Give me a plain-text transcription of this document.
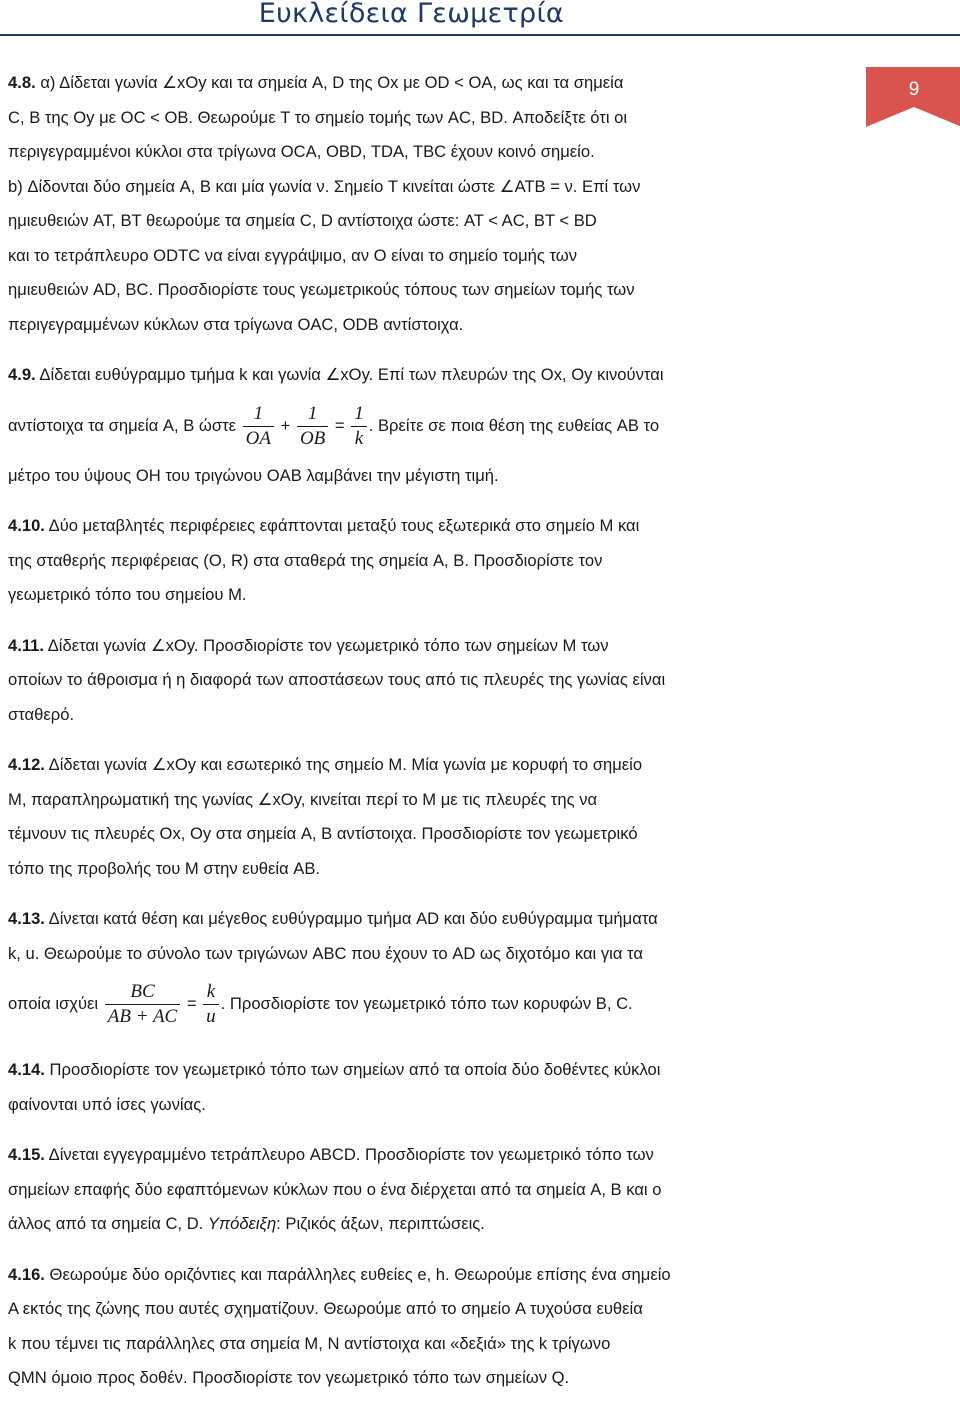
Ευκλείδεια Γεωμετρία
9
4.8. α) Δίδεται γωνία ∠xOy και τα σημεία A, D της Ox με OD < OA, ως και τα σημεία
C, B της Oy με OC < OB. Θεωρούμε T το σημείο τομής των AC, BD. Αποδείξτε ότι οι
περιγεγραμμένοι κύκλοι στα τρίγωνα OCA, OBD, TDA, TBC έχουν κοινό σημείο.
b) Δίδονται δύο σημεία A, B και μία γωνία ν. Σημείο T κινείται ώστε ∠ATB = ν. Επί των
ημιευθειών AT, BT θεωρούμε τα σημεία C, D αντίστοιχα ώστε: AT < AC, BT < BD
και το τετράπλευρο ODTC να είναι εγγράψιμο, αν O είναι το σημείο τομής των
ημιευθειών AD, BC. Προσδιορίστε τους γεωμετρικούς τόπους των σημείων τομής των
περιγεγραμμένων κύκλων στα τρίγωνα OAC, ODB αντίστοιχα.
4.9. Δίδεται ευθύγραμμο τμήμα k και γωνία ∠xOy. Επί των πλευρών της Ox, Oy κινούνται
αντίστοιχα τα σημεία A, B ώστε $\frac{1}{OA} + \frac{1}{OB} = \frac{1}{k}$ . Βρείτε σε ποια θέση της ευθείας AB το
μέτρο του ύψους OH του τριγώνου OAB λαμβάνει την μέγιστη τιμή.
4.10. Δύο μεταβλητές περιφέρειες εφάπτονται μεταξύ τους εξωτερικά στο σημείο M και
της σταθερής περιφέρειας (O, R) στα σταθερά της σημεία A, B. Προσδιορίστε τον
γεωμετρικό τόπο του σημείου M.
4.11. Δίδεται γωνία ∠xOy. Προσδιορίστε τον γεωμετρικό τόπο των σημείων M των
οποίων το άθροισμα ή η διαφορά των αποστάσεων τους από τις πλευρές της γωνίας είναι
σταθερό.
4.12. Δίδεται γωνία ∠xOy και εσωτερικό της σημείο M. Μία γωνία με κορυφή το σημείο
M, παραπληρωματική της γωνίας ∠xOy, κινείται περί το M με τις πλευρές της να
τέμνουν τις πλευρές Ox, Oy στα σημεία A, B αντίστοιχα. Προσδιορίστε τον γεωμετρικό
τόπο της προβολής του M στην ευθεία AB.
4.13. Δίνεται κατά θέση και μέγεθος ευθύγραμμο τμήμα AD και δύο ευθύγραμμα τμήματα
k, u. Θεωρούμε το σύνολο των τριγώνων ABC που έχουν το AD ως διχοτόμο και για τα
οποία ισχύει $\frac{BC}{AB + AC} = \frac{k}{u}$ . Προσδιορίστε τον γεωμετρικό τόπο των κορυφών B, C.
4.14. Προσδιορίστε τον γεωμετρικό τόπο των σημείων από τα οποία δύο δοθέντες κύκλοι
φαίνονται υπό ίσες γωνίας.
4.15. Δίνεται εγγεγραμμένο τετράπλευρο ABCD. Προσδιορίστε τον γεωμετρικό τόπο των
σημείων επαφής δύο εφαπτόμενων κύκλων που ο ένα διέρχεται από τα σημεία A, B και ο
άλλος από τα σημεία C, D. Υπόδειξη: Ριζικός άξων, περιπτώσεις.
4.16. Θεωρούμε δύο οριζόντιες και παράλληλες ευθείες e, h. Θεωρούμε επίσης ένα σημείο
A εκτός της ζώνης που αυτές σχηματίζουν. Θεωρούμε από το σημείο A τυχούσα ευθεία
k που τέμνει τις παράλληλες στα σημεία M, N αντίστοιχα και «δεξιά» της k τρίγωνο
QMN όμοιο προς δοθέν. Προσδιορίστε τον γεωμετρικό τόπο των σημείων Q.
